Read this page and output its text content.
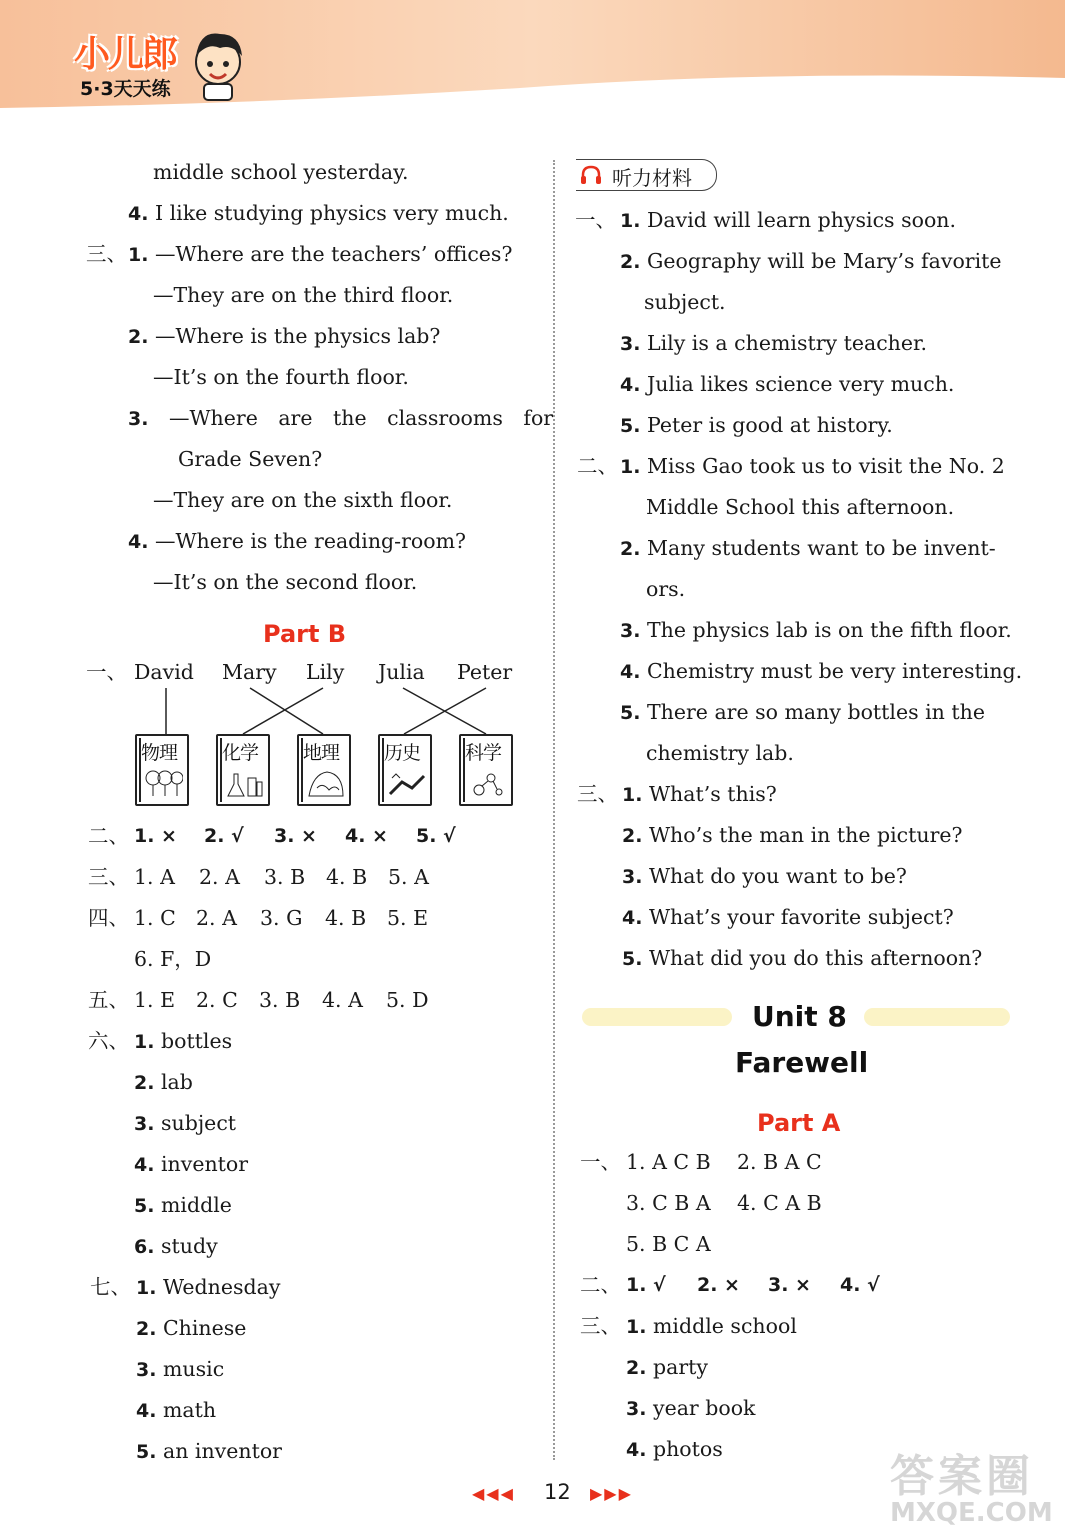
小儿郎
5·3天天练
middle school yesterday.
4. I like studying physics very much.
三、 1. —Where are the teachers’ offices?
—They are on the third floor.
2. —Where is the physics lab?
—It’s on the fourth floor.
3. —Where are the classrooms for
Grade Seven?
—They are on the sixth floor.
4. —Where is the reading-room?
—It’s on the second floor.
Part B
一、 David Mary Lily Julia Peter
物理 化学 地理 历史 科学
二、 1. × 2. √ 3. × 4. × 5. √
三、 1. A 2. A 3. B 4. B 5. A
四、 1. C 2. A 3. G 4. B 5. E
6. F，D
五、 1. E 2. C 3. B 4. A 5. D
六、 1. bottles
2. lab
3. subject
4. inventor
5. middle
6. study
七、 1. Wednesday
2. Chinese
3. music
4. math
5. an inventor
听力材料
一、 1. David will learn physics soon.
2. Geography will be Mary’s favorite
subject.
3. Lily is a chemistry teacher.
4. Julia likes science very much.
5. Peter is good at history.
二、 1. Miss Gao took us to visit the No. 2
Middle School this afternoon.
2. Many students want to be invent-
ors.
3. The physics lab is on the fifth floor.
4. Chemistry must be very interesting.
5. There are so many bottles in the
chemistry lab.
三、 1. What’s this?
2. Who’s the man in the picture?
3. What do you want to be?
4. What’s your favorite subject?
5. What did you do this afternoon?
Unit 8
Farewell
Part A
一、 1. A C B 2. B A C
3. C B A 4. C A B
5. B C A
二、 1. √ 2. × 3. × 4. √
三、 1. middle school
2. party
3. year book
4. photos
◀◀◀ 12 ▶▶▶	答案圈
MXQE.COM
